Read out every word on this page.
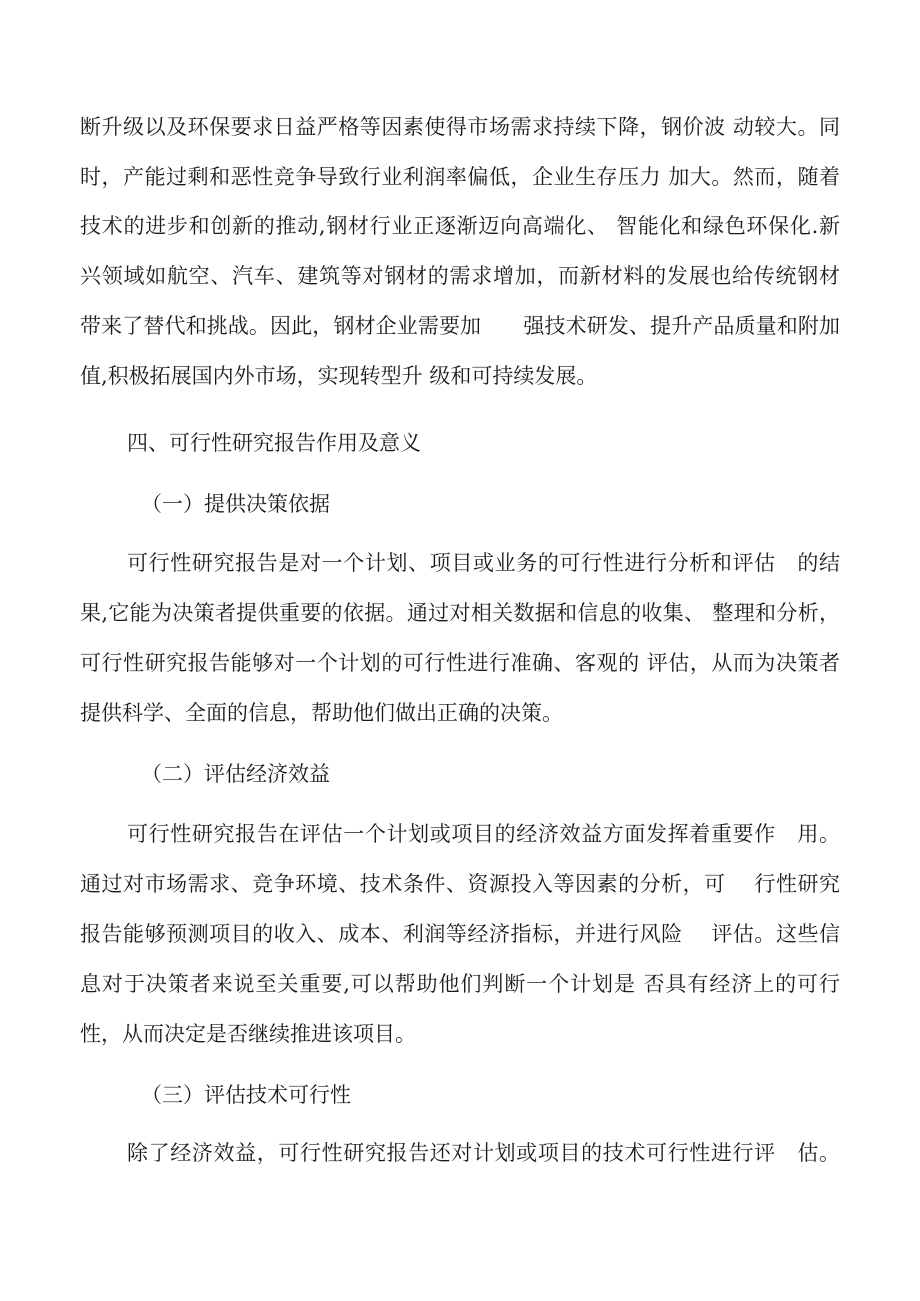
断升级以及环保要求日益严格等因素使得市场需求持续下降，钢价波 动较大。同
时，产能过剩和恶性竞争导致行业利润率偏低，企业生存压力 加大。然而，随着
技术的进步和创新的推动,钢材行业正逐渐迈向高端化、 智能化和绿色环保化.新
兴领域如航空、汽车、建筑等对钢材的需求增加，而新材料的发展也给传统钢材
带来了替代和挑战。因此，钢材企业需要加　　强技术研发、提升产品质量和附加
值,积极拓展国内外市场，实现转型升 级和可持续发展。
四、可行性研究报告作用及意义
（一）提供决策依据
可行性研究报告是对一个计划、项目或业务的可行性进行分析和评估　的结
果,它能为决策者提供重要的依据。通过对相关数据和信息的收集、 整理和分析，
可行性研究报告能够对一个计划的可行性进行准确、客观的 评估，从而为决策者
提供科学、全面的信息，帮助他们做出正确的决策。
（二）评估经济效益
可行性研究报告在评估一个计划或项目的经济效益方面发挥着重要作　用。
通过对市场需求、竞争环境、技术条件、资源投入等因素的分析，可　 行性研究
报告能够预测项目的收入、成本、利润等经济指标，并进行风险　 评估。这些信
息对于决策者来说至关重要,可以帮助他们判断一个计划是 否具有经济上的可行
性，从而决定是否继续推进该项目。
（三）评估技术可行性
除了经济效益，可行性研究报告还对计划或项目的技术可行性进行评　估。
